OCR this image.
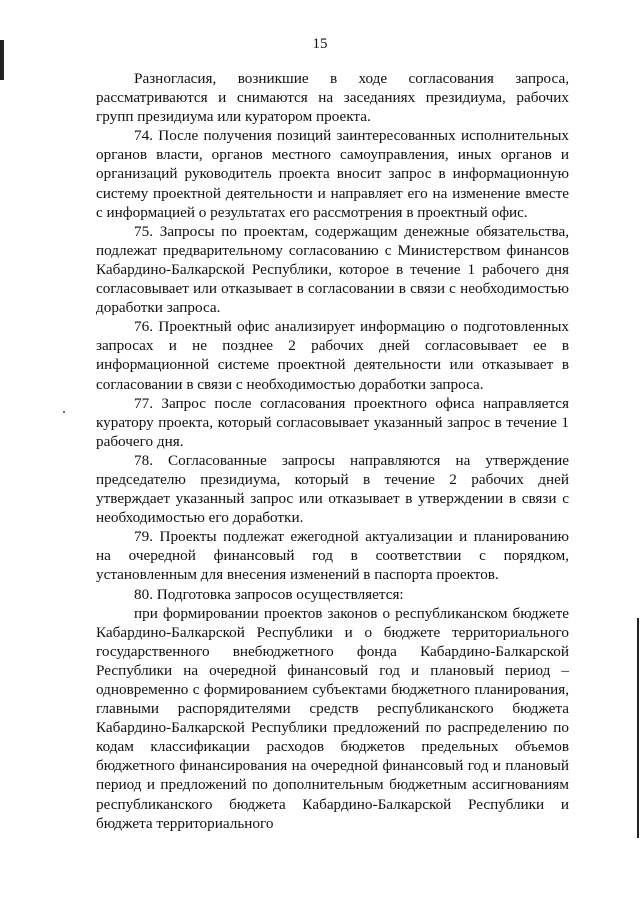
15

Разногласия, возникшие в ходе согласования запроса, рассматриваются и снимаются на заседаниях президиума, рабочих групп президиума или куратором проекта.

74. После получения позиций заинтересованных исполнительных органов власти, органов местного самоуправления, иных органов и организаций руководитель проекта вносит запрос в информационную систему проектной деятельности и направляет его на изменение вместе с информацией о результатах его рассмотрения в проектный офис.

75. Запросы по проектам, содержащим денежные обязательства, подлежат предварительному согласованию с Министерством финансов Кабардино-Балкарской Республики, которое в течение 1 рабочего дня согласовывает или отказывает в согласовании в связи с необходимостью доработки запроса.

76. Проектный офис анализирует информацию о подготовленных запросах и не позднее 2 рабочих дней согласовывает ее в информационной системе проектной деятельности или отказывает в согласовании в связи с необходимостью доработки запроса.

77. Запрос после согласования проектного офиса направляется куратору проекта, который согласовывает указанный запрос в течение 1 рабочего дня.

78. Согласованные запросы направляются на утверждение председателю президиума, который в течение 2 рабочих дней утверждает указанный запрос или отказывает в утверждении в связи с необходимостью его доработки.

79. Проекты подлежат ежегодной актуализации и планированию на очередной финансовый год в соответствии с порядком, установленным для внесения изменений в паспорта проектов.

80. Подготовка запросов осуществляется:

при формировании проектов законов о республиканском бюджете Кабардино-Балкарской Республики и о бюджете территориального государственного внебюджетного фонда Кабардино-Балкарской Республики на очередной финансовый год и плановый период – одновременно с формированием субъектами бюджетного планирования, главными распорядителями средств республиканского бюджета Кабардино-Балкарской Республики предложений по распределению по кодам классификации расходов бюджетов предельных объемов бюджетного финансирования на очередной финансовый год и плановый период и предложений по дополнительным бюджетным ассигнованиям республиканского бюджета Кабардино-Балкарской Республики и бюджета территориального
